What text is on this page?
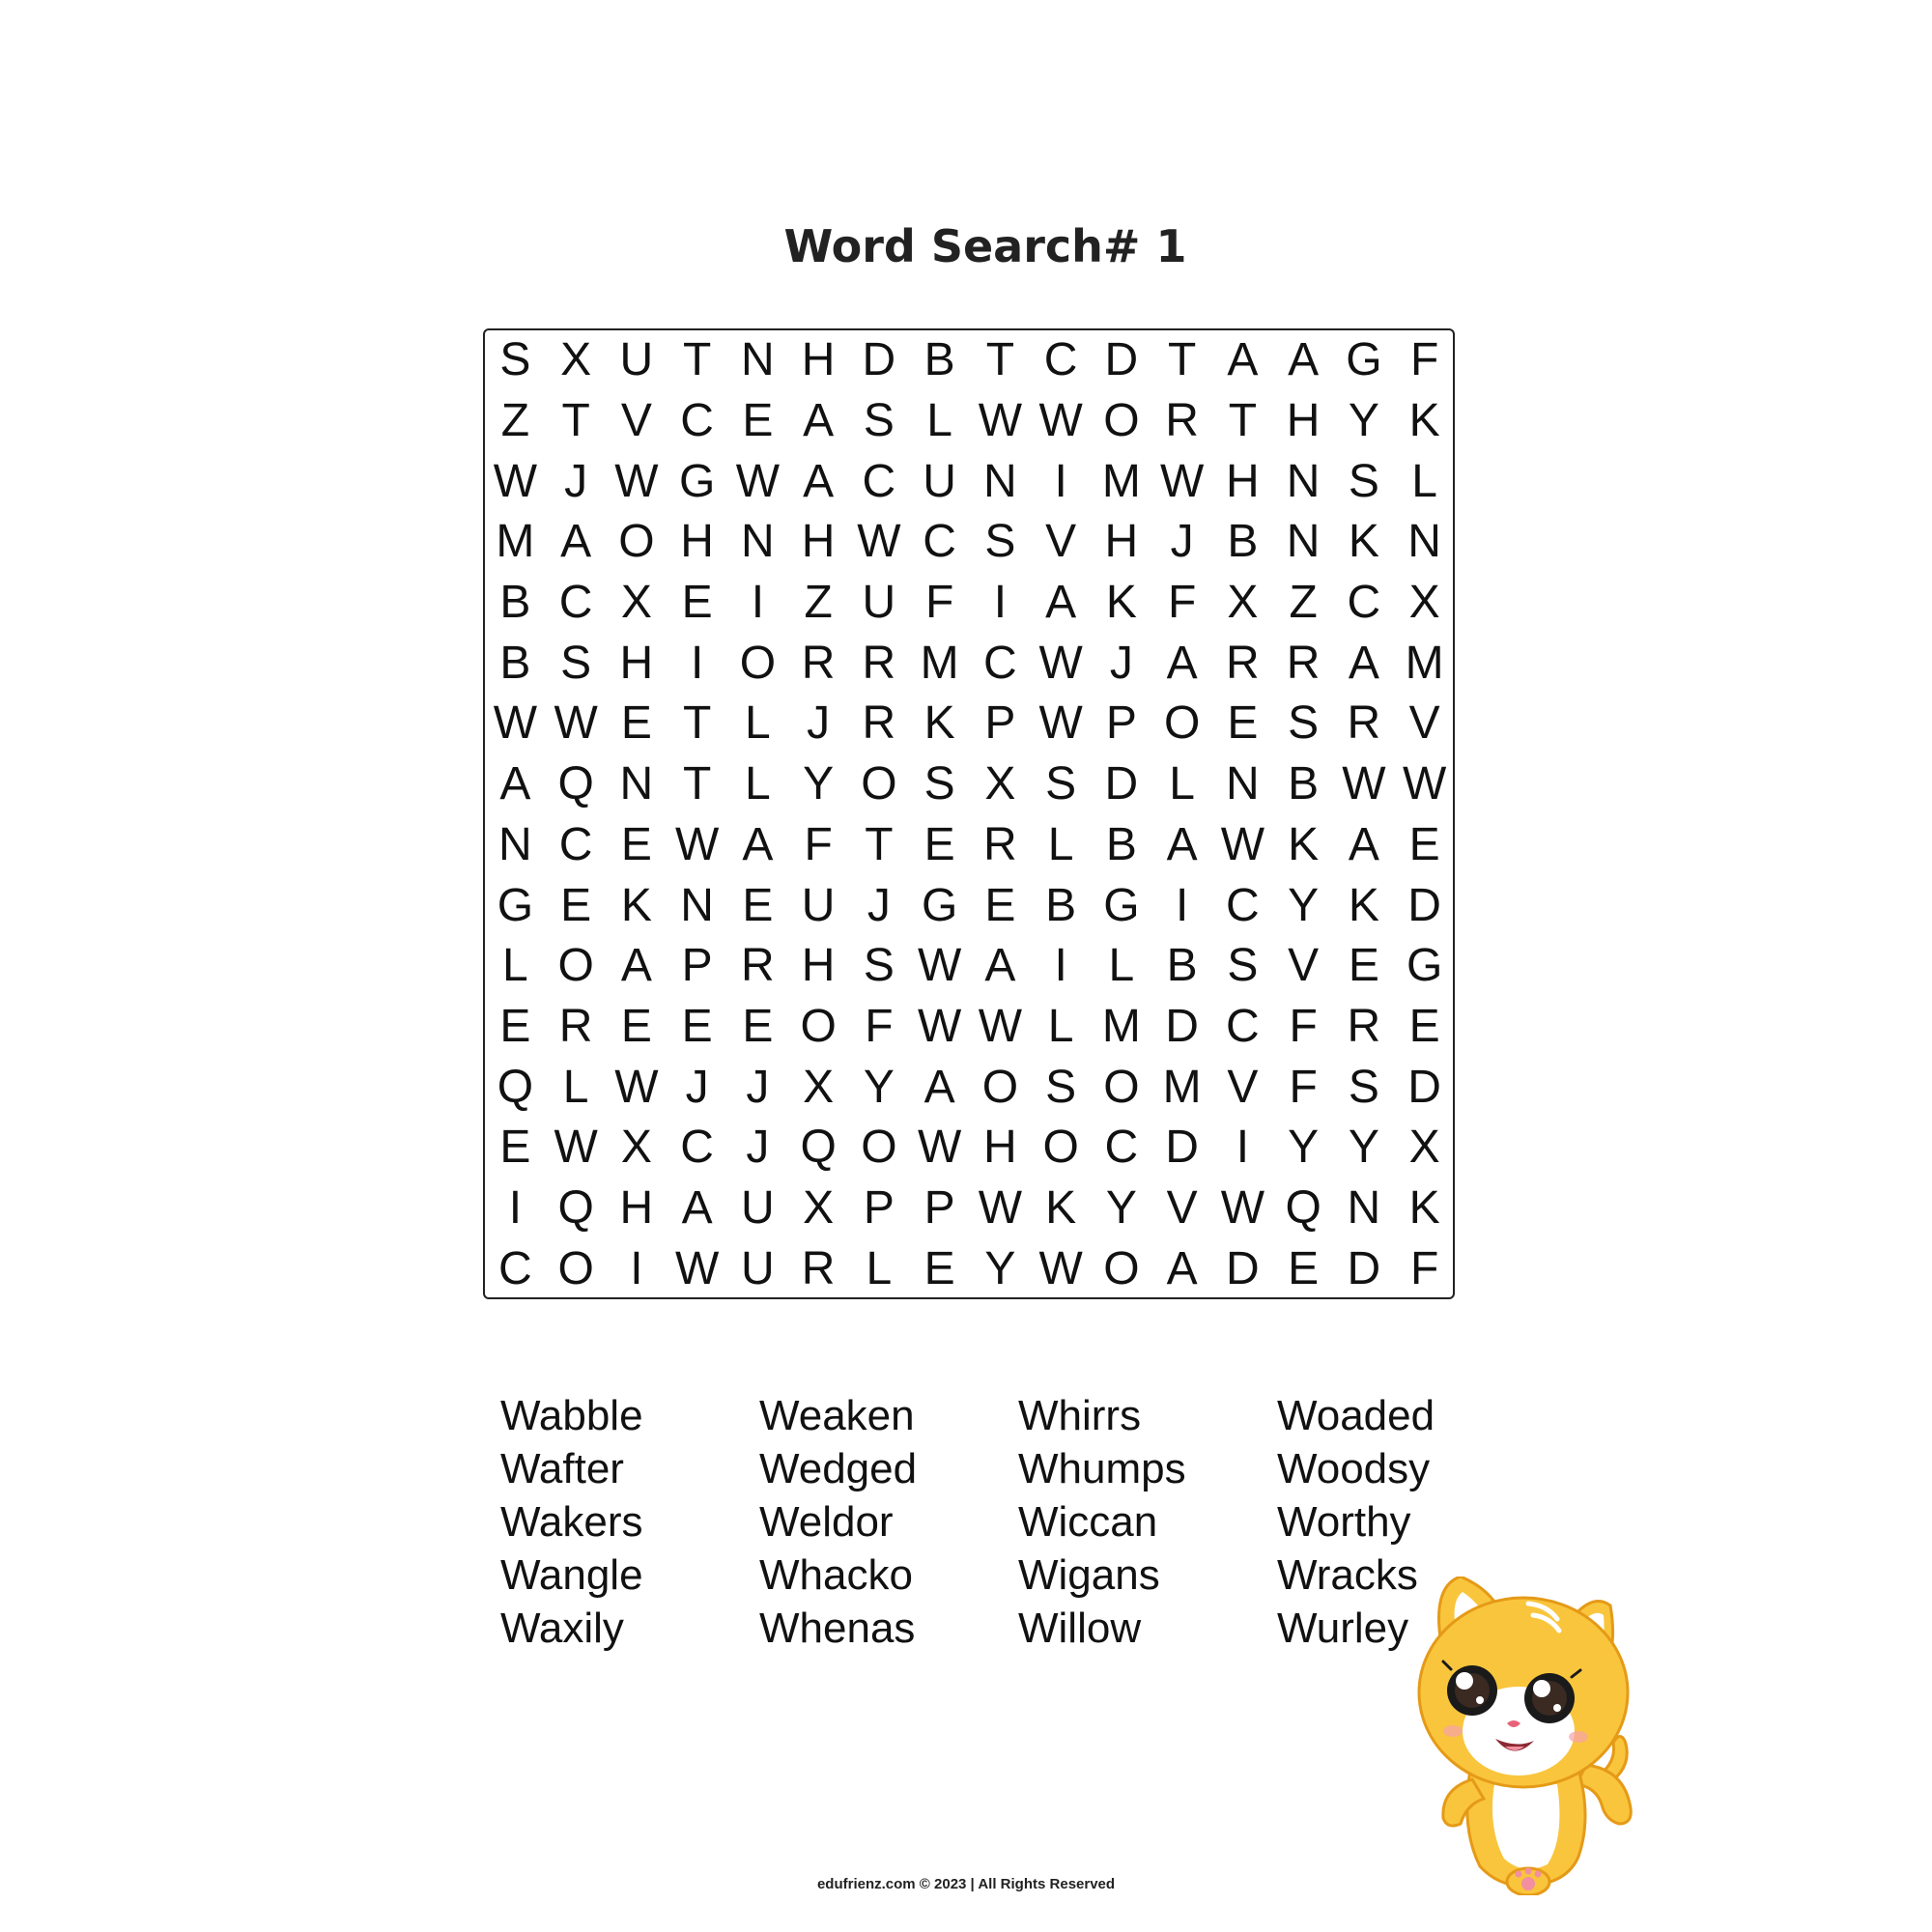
Word Search# 1
S X U T N H D B T C D T A A G F
Z T V C E A S L W W O R T H Y K
W J W G W A C U N I M W H N S L
M A O H N H W C S V H J B N K N
B C X E I Z U F I A K F X Z C X
B S H I O R R M C W J A R R A M
W W E T L J R K P W P O E S R V
A Q N T L Y O S X S D L N B W W
N C E W A F T E R L B A W K A E
G E K N E U J G E B G I C Y K D
L O A P R H S W A I L B S V E G
E R E E E O F W W L M D C F R E
Q L W J J X Y A O S O M V F S D
E W X C J Q O W H O C D I Y Y X
I Q H A U X P P W K Y V W Q N K
C O I W U R L E Y W O A D E D F
Wabble
Wafter
Wakers
Wangle
Waxily
Weaken
Wedged
Weldor
Whacko
Whenas
Whirrs
Whumps
Wiccan
Wigans
Willow
Woaded
Woodsy
Worthy
Wracks
Wurley
edufrienz.com © 2023 | All Rights Reserved
